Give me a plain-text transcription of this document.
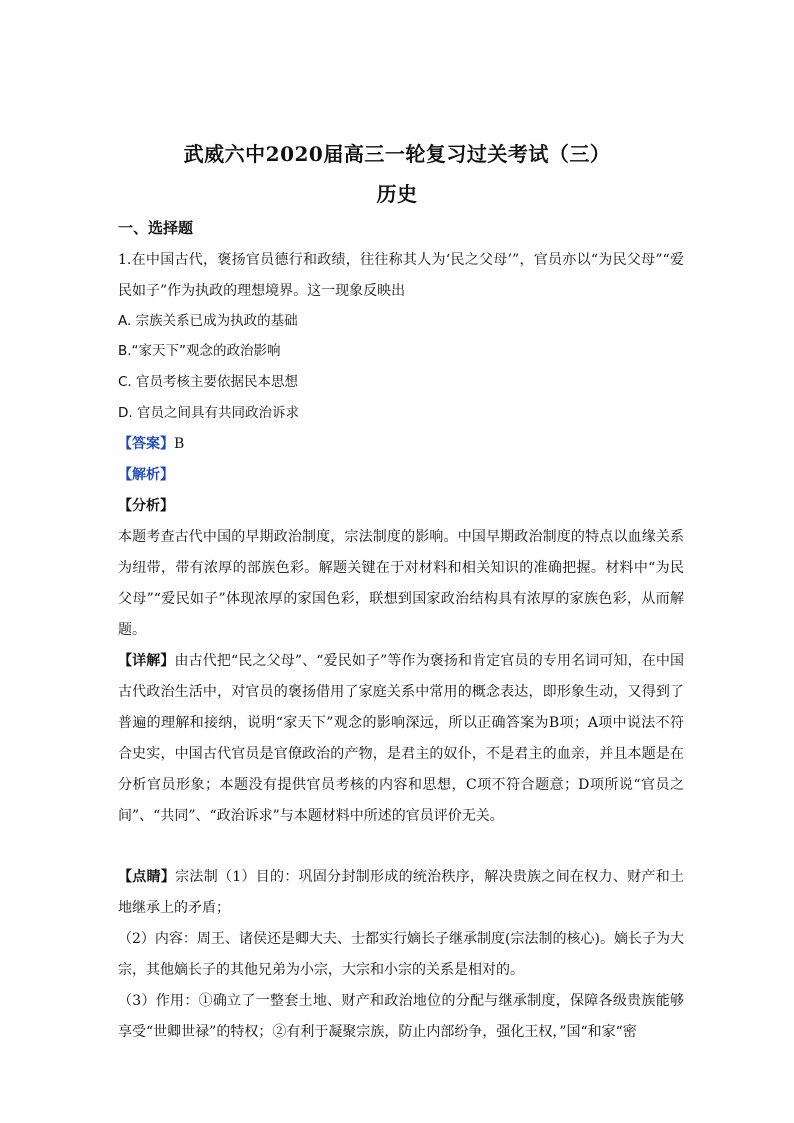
武威六中2020届高三一轮复习过关考试（三）
历史
一、选择题
1.在中国古代，褒扬官员德行和政绩，往往称其人为‘民之父母’”，官员亦以“为民父母”“爱民如子”作为执政的理想境界。这一现象反映出
A. 宗族关系已成为执政的基础
B.“家天下”观念的政治影响
C. 官员考核主要依据民本思想
D. 官员之间具有共同政治诉求
【答案】B
【解析】
【分析】
本题考查古代中国的早期政治制度，宗法制度的影响。中国早期政治制度的特点以血缘关系为纽带，带有浓厚的部族色彩。解题关键在于对材料和相关知识的准确把握。材料中“为民父母”“爱民如子”体现浓厚的家国色彩，联想到国家政治结构具有浓厚的家族色彩，从而解题。
【详解】由古代把“民之父母”、“爱民如子”等作为褒扬和肯定官员的专用名词可知，在中国古代政治生活中，对官员的褒扬借用了家庭关系中常用的概念表达，即形象生动，又得到了普遍的理解和接纳，说明“家天下”观念的影响深远，所以正确答案为B项；A项中说法不符合史实，中国古代官员是官僚政治的产物，是君主的奴仆，不是君主的血亲，并且本题是在分析官员形象；本题没有提供官员考核的内容和思想，C项不符合题意；D项所说“官员之间”、“共同”、“政治诉求”与本题材料中所述的官员评价无关。
【点睛】宗法制（1）目的：巩固分封制形成的统治秩序，解决贵族之间在权力、财产和土地继承上的矛盾；
（2）内容：周王、诸侯还是卿大夫、士都实行嫡长子继承制度(宗法制的核心)。嫡长子为大宗，其他嫡长子的其他兄弟为小宗，大宗和小宗的关系是相对的。
（3）作用：①确立了一整套土地、财产和政治地位的分配与继承制度，保障各级贵族能够享受“世卿世禄”的特权；②有利于凝聚宗族，防止内部纷争，强化王权，”国“和家“密
